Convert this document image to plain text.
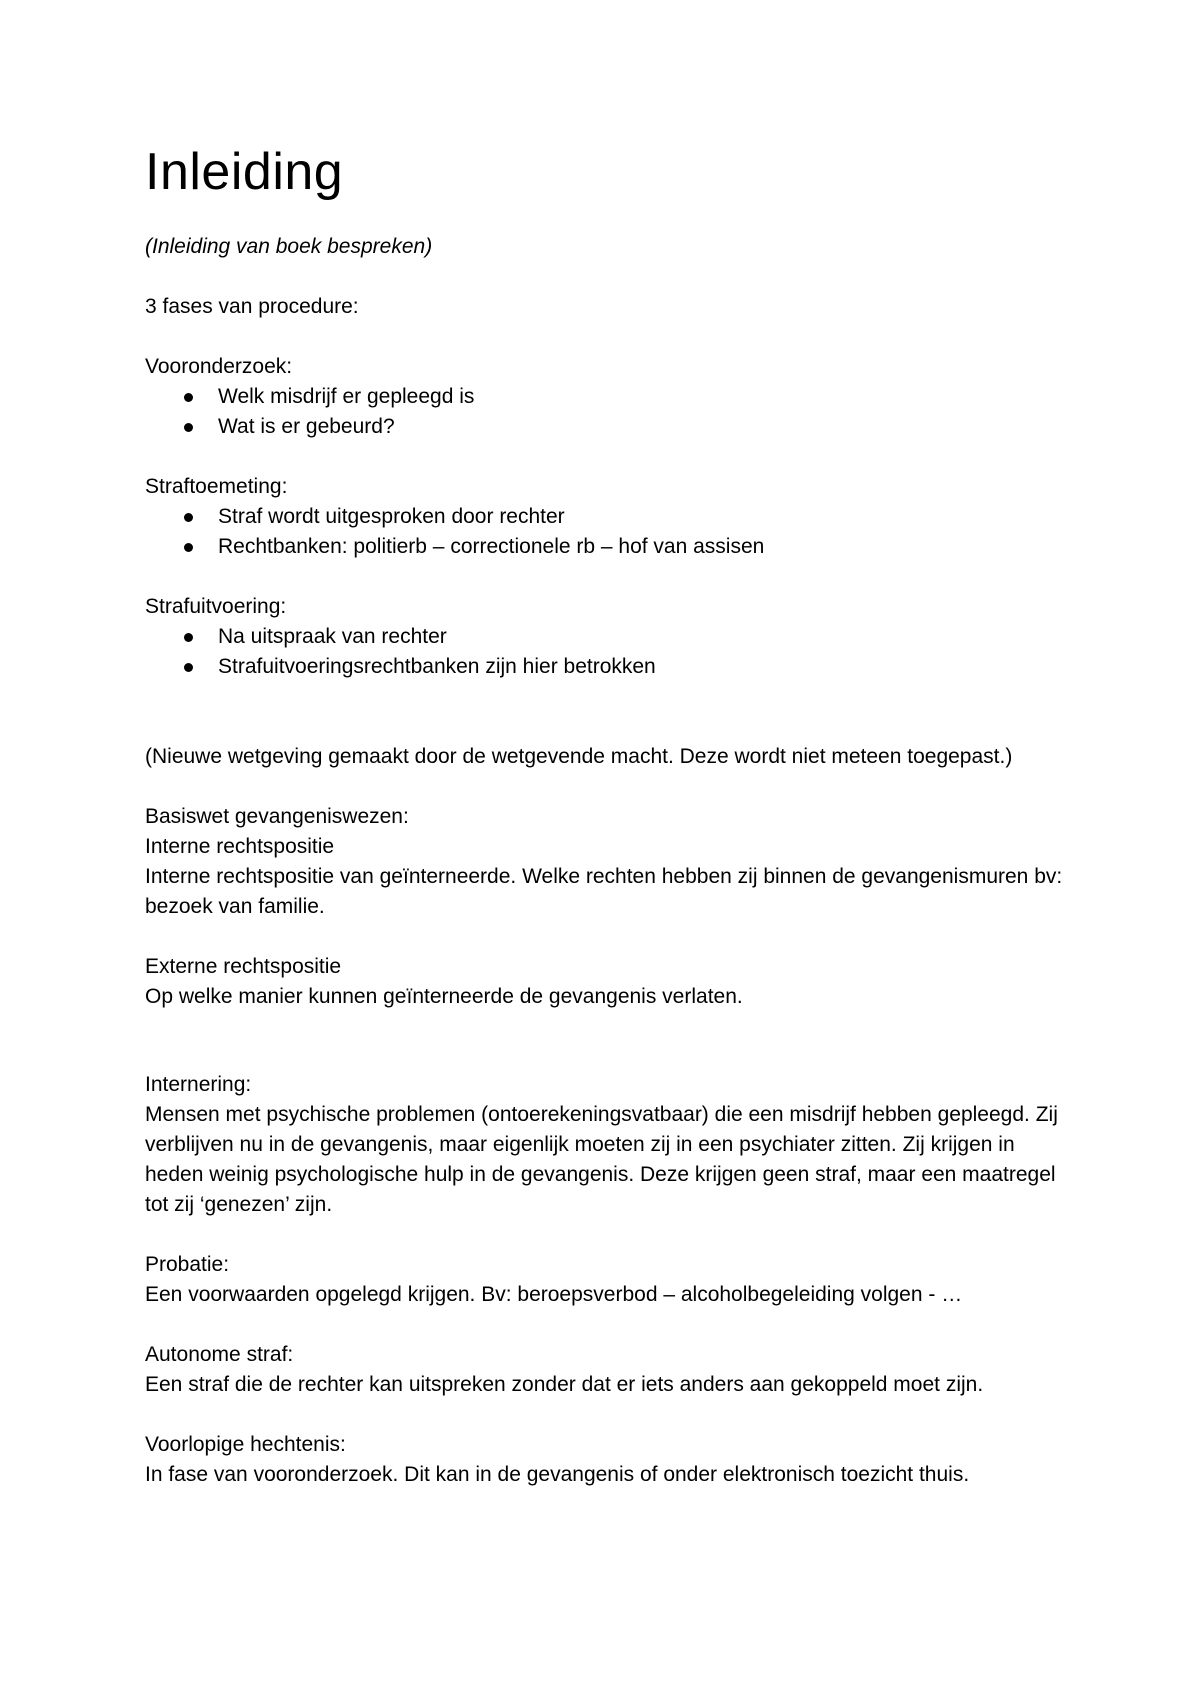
Inleiding

(Inleiding van boek bespreken)

3 fases van procedure:

Vooronderzoek:

Welk misdrijf er gepleegd is
Wat is er gebeurd?

Straftoemeting:

Straf wordt uitgesproken door rechter
Rechtbanken: politierb – correctionele rb – hof van assisen

Strafuitvoering:

Na uitspraak van rechter
Strafuitvoeringsrechtbanken zijn hier betrokken

(Nieuwe wetgeving gemaakt door de wetgevende macht. Deze wordt niet meteen toegepast.)

Basiswet gevangeniswezen:

Interne rechtspositie

Interne rechtspositie van geïnterneerde. Welke rechten hebben zij binnen de gevangenismuren bv: bezoek van familie.

Externe rechtspositie

Op welke manier kunnen geïnterneerde de gevangenis verlaten.

Internering:

Mensen met psychische problemen (ontoerekeningsvatbaar) die een misdrijf hebben gepleegd. Zij verblijven nu in de gevangenis, maar eigenlijk moeten zij in een psychiater zitten. Zij krijgen in heden weinig psychologische hulp in de gevangenis. Deze krijgen geen straf, maar een maatregel tot zij ‘genezen’ zijn.

Probatie:

Een voorwaarden opgelegd krijgen. Bv: beroepsverbod – alcoholbegeleiding volgen - …

Autonome straf:

Een straf die de rechter kan uitspreken zonder dat er iets anders aan gekoppeld moet zijn.

Voorlopige hechtenis:

In fase van vooronderzoek. Dit kan in de gevangenis of onder elektronisch toezicht thuis.
